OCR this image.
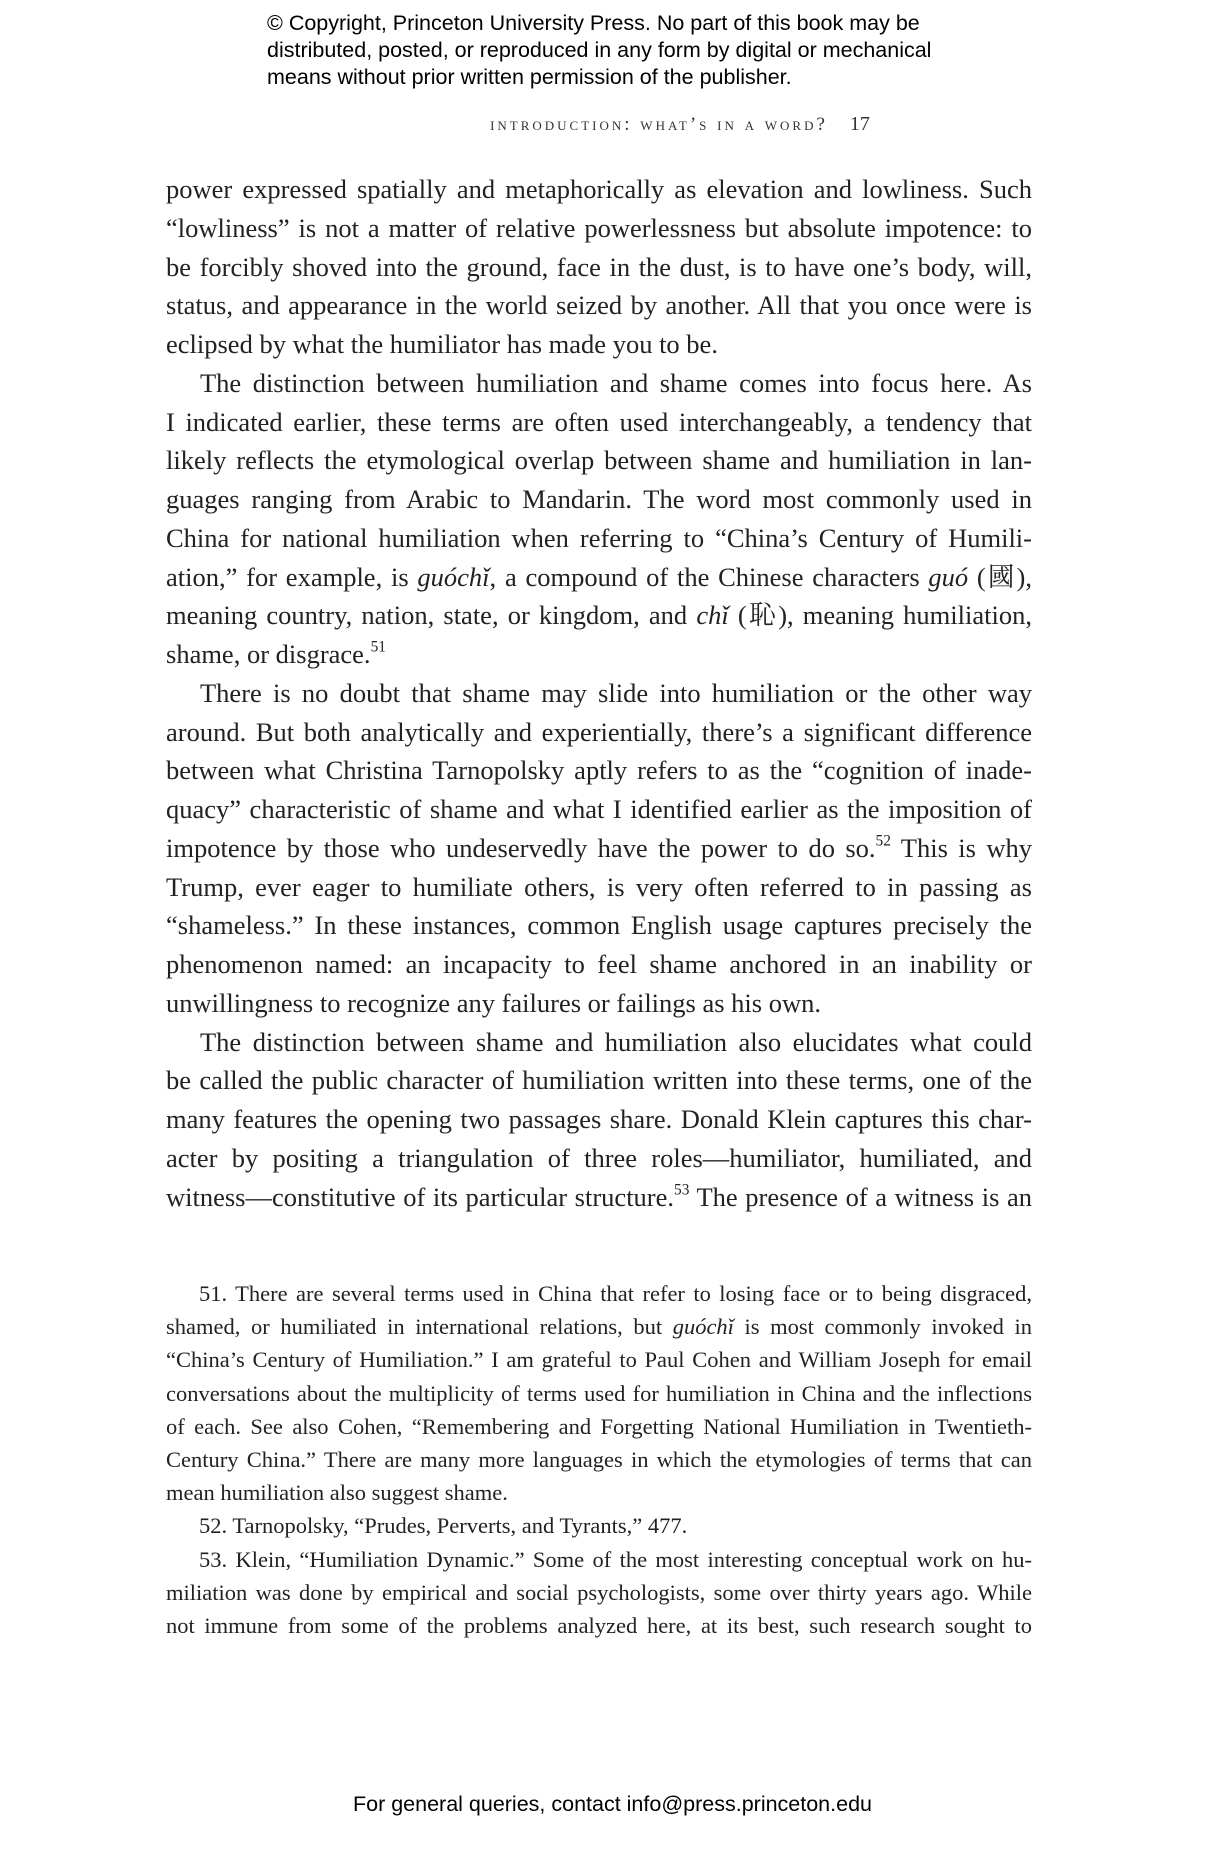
© Copyright, Princeton University Press. No part of this book may be
distributed, posted, or reproduced in any form by digital or mechanical
means without prior written permission of the publisher.
introduction: what’s in a word? 17
power expressed spatially and metaphorically as elevation and lowliness. Such
“lowliness” is not a matter of relative powerlessness but absolute impotence: to
be forcibly shoved into the ground, face in the dust, is to have one’s body, will,
status, and appearance in the world seized by another. All that you once were is
eclipsed by what the humiliator has made you to be.
The distinction between humiliation and shame comes into focus here. As
I indicated earlier, these terms are often used interchangeably, a tendency that
likely reflects the etymological overlap between shame and humiliation in lan-
guages ranging from Arabic to Mandarin. The word most commonly used in
China for national humiliation when referring to “China’s Century of Humili-
ation,” for example, is guóchǐ, a compound of the Chinese characters guó (國),
meaning country, nation, state, or kingdom, and chǐ (恥), meaning humiliation,
shame, or disgrace.$^{51}$
There is no doubt that shame may slide into humiliation or the other way
around. But both analytically and experientially, there’s a significant difference
between what Christina Tarnopolsky aptly refers to as the “cognition of inade-
quacy” characteristic of shame and what I identified earlier as the imposition of
impotence by those who undeservedly have the power to do so.$^{52}$ This is why
Trump, ever eager to humiliate others, is very often referred to in passing as
“shameless.” In these instances, common English usage captures precisely the
phenomenon named: an incapacity to feel shame anchored in an inability or
unwillingness to recognize any failures or failings as his own.
The distinction between shame and humiliation also elucidates what could
be called the public character of humiliation written into these terms, one of the
many features the opening two passages share. Donald Klein captures this char-
acter by positing a triangulation of three roles—humiliator, humiliated, and
witness—constitutive of its particular structure.$^{53}$ The presence of a witness is an
51. There are several terms used in China that refer to losing face or to being disgraced,
shamed, or humiliated in international relations, but guóchǐ is most commonly invoked in
“China’s Century of Humiliation.” I am grateful to Paul Cohen and William Joseph for email
conversations about the multiplicity of terms used for humiliation in China and the inflections
of each. See also Cohen, “Remembering and Forgetting National Humiliation in Twentieth-
Century China.” There are many more languages in which the etymologies of terms that can
mean humiliation also suggest shame.
52. Tarnopolsky, “Prudes, Perverts, and Tyrants,” 477.
53. Klein, “Humiliation Dynamic.” Some of the most interesting conceptual work on hu-
miliation was done by empirical and social psychologists, some over thirty years ago. While
not immune from some of the problems analyzed here, at its best, such research sought to
For general queries, contact info@press.princeton.edu
